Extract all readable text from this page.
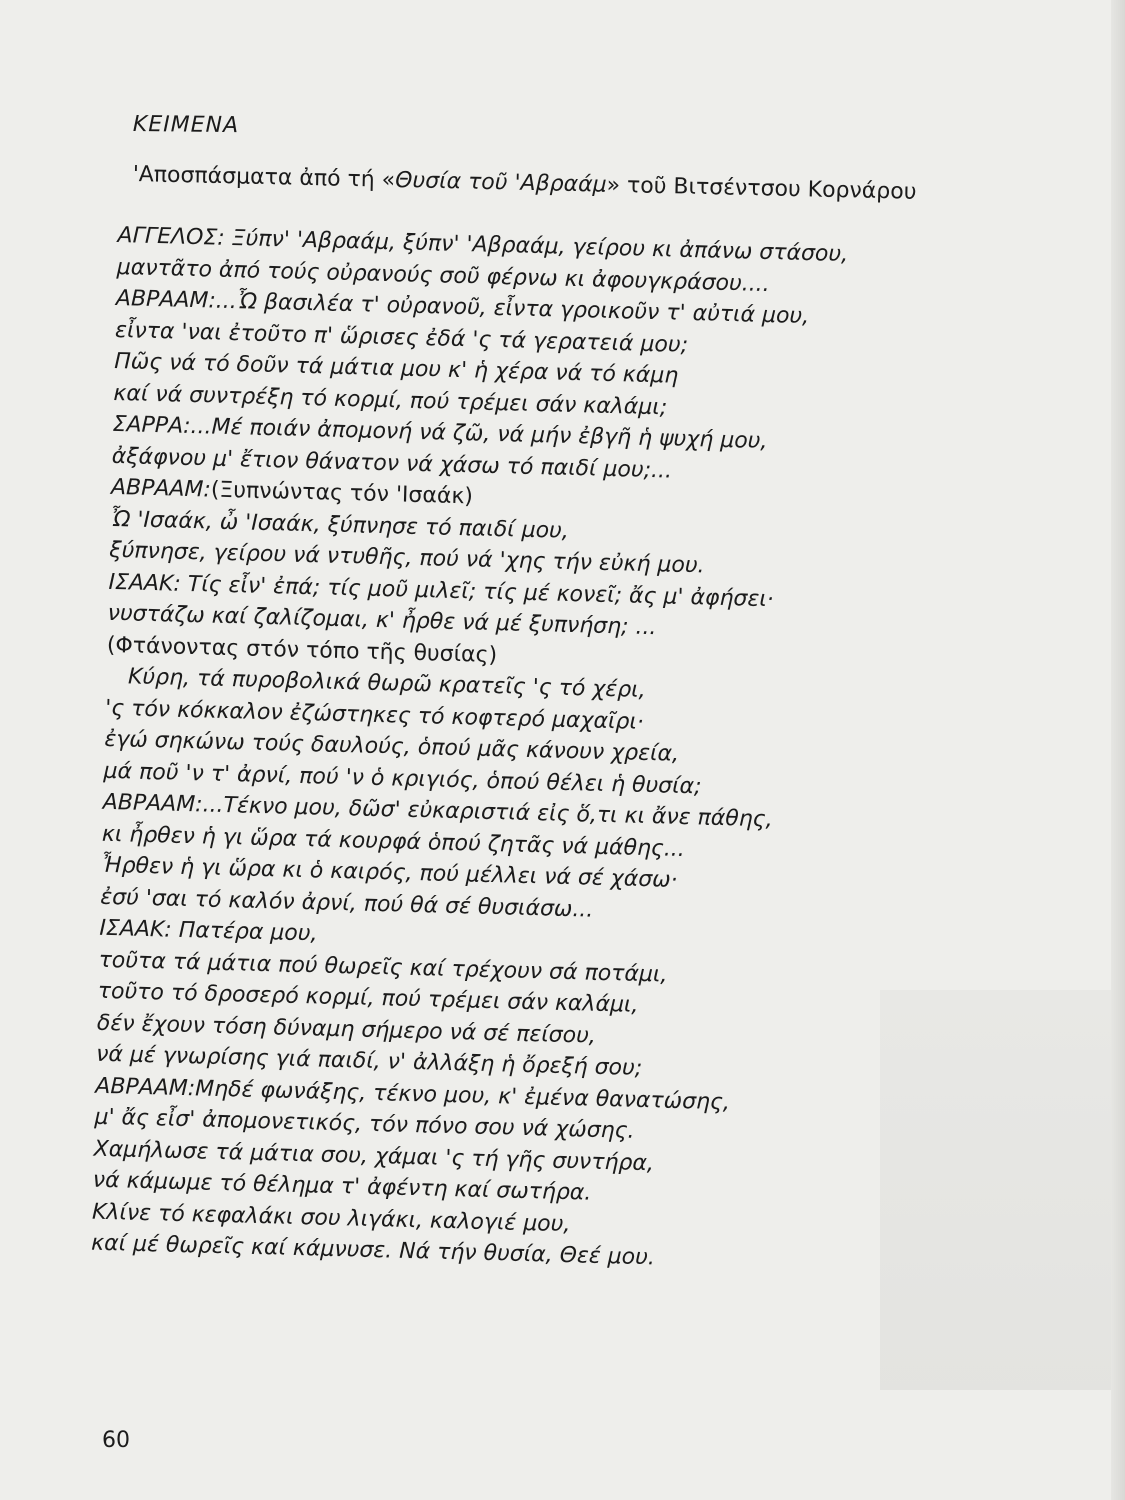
ΚΕΙΜΕΝΑ
'Αποσπάσματα ἀπό τή «Θυσία τοῦ 'Αβραάμ» τοῦ Βιτσέντσου Κορνάρου
ΑΓΓΕΛΟΣ: Ξύπν' 'Αβραάμ, ξύπν' 'Αβραάμ, γείρου κι ἀπάνω στάσου,
μαντᾶτο ἀπό τούς οὐρανούς σοῦ φέρνω κι ἀφουγκράσου....
ΑΒΡΑΑΜ:...Ὦ βασιλέα τ' οὐρανοῦ, εἶντα γροικοῦν τ' αὐτιά μου,
εἶντα 'ναι ἐτοῦτο π' ὥρισες ἐδά 'ς τά γερατειά μου;
Πῶς νά τό δοῦν τά μάτια μου κ' ἡ χέρα νά τό κάμη
καί νά συντρέξη τό κορμί, πού τρέμει σάν καλάμι;
ΣΑΡΡΑ:...Μέ ποιάν ἀπομονή νά ζῶ, νά μήν ἐβγῆ ἡ ψυχή μου,
ἀξάφνου μ' ἔτιον θάνατον νά χάσω τό παιδί μου;...
ΑΒΡΑΑΜ:(Ξυπνώντας τόν 'Ισαάκ)
Ὦ 'Ισαάκ, ὦ 'Ισαάκ, ξύπνησε τό παιδί μου,
ξύπνησε, γείρου νά ντυθῆς, πού νά 'χης τήν εὐκή μου.
ΙΣΑΑΚ: Τίς εἶν' ἐπά; τίς μοῦ μιλεῖ; τίς μέ κονεῖ; ἄς μ' ἀφήσει·
νυστάζω καί ζαλίζομαι, κ' ἦρθε νά μέ ξυπνήση; ...
(Φτάνοντας στόν τόπο τῆς θυσίας)
Κύρη, τά πυροβολικά θωρῶ κρατεῖς 'ς τό χέρι,
'ς τόν κόκκαλον ἐζώστηκες τό κοφτερό μαχαῖρι·
ἐγώ σηκώνω τούς δαυλούς, ὁπού μᾶς κάνουν χρεία,
μά ποῦ 'ν τ' ἀρνί, πού 'ν ὁ κριγιός, ὁπού θέλει ἡ θυσία;
ΑΒΡΑΑΜ:...Τέκνο μου, δῶσ' εὐκαριστιά εἰς ὅ,τι κι ἄνε πάθης,
κι ἦρθεν ἡ γι ὥρα τά κουρφά ὁπού ζητᾶς νά μάθης...
Ἦρθεν ἡ γι ὥρα κι ὁ καιρός, πού μέλλει νά σέ χάσω·
ἐσύ 'σαι τό καλόν ἀρνί, πού θά σέ θυσιάσω...
ΙΣΑΑΚ: Πατέρα μου,
τοῦτα τά μάτια πού θωρεῖς καί τρέχουν σά ποτάμι,
τοῦτο τό δροσερό κορμί, πού τρέμει σάν καλάμι,
δέν ἔχουν τόση δύναμη σήμερο νά σέ πείσου,
νά μέ γνωρίσης γιά παιδί, ν' ἀλλάξη ἡ ὄρεξή σου;
ΑΒΡΑΑΜ:Μηδέ φωνάξης, τέκνο μου, κ' ἐμένα θανατώσης,
μ' ἄς εἶσ' ἀπομονετικός, τόν πόνο σου νά χώσης.
Χαμήλωσε τά μάτια σου, χάμαι 'ς τή γῆς συντήρα,
νά κάμωμε τό θέλημα τ' ἀφέντη καί σωτήρα.
Κλίνε τό κεφαλάκι σου λιγάκι, καλογιέ μου,
καί μέ θωρεῖς καί κάμνυσε. Νά τήν θυσία, Θεέ μου.
60
